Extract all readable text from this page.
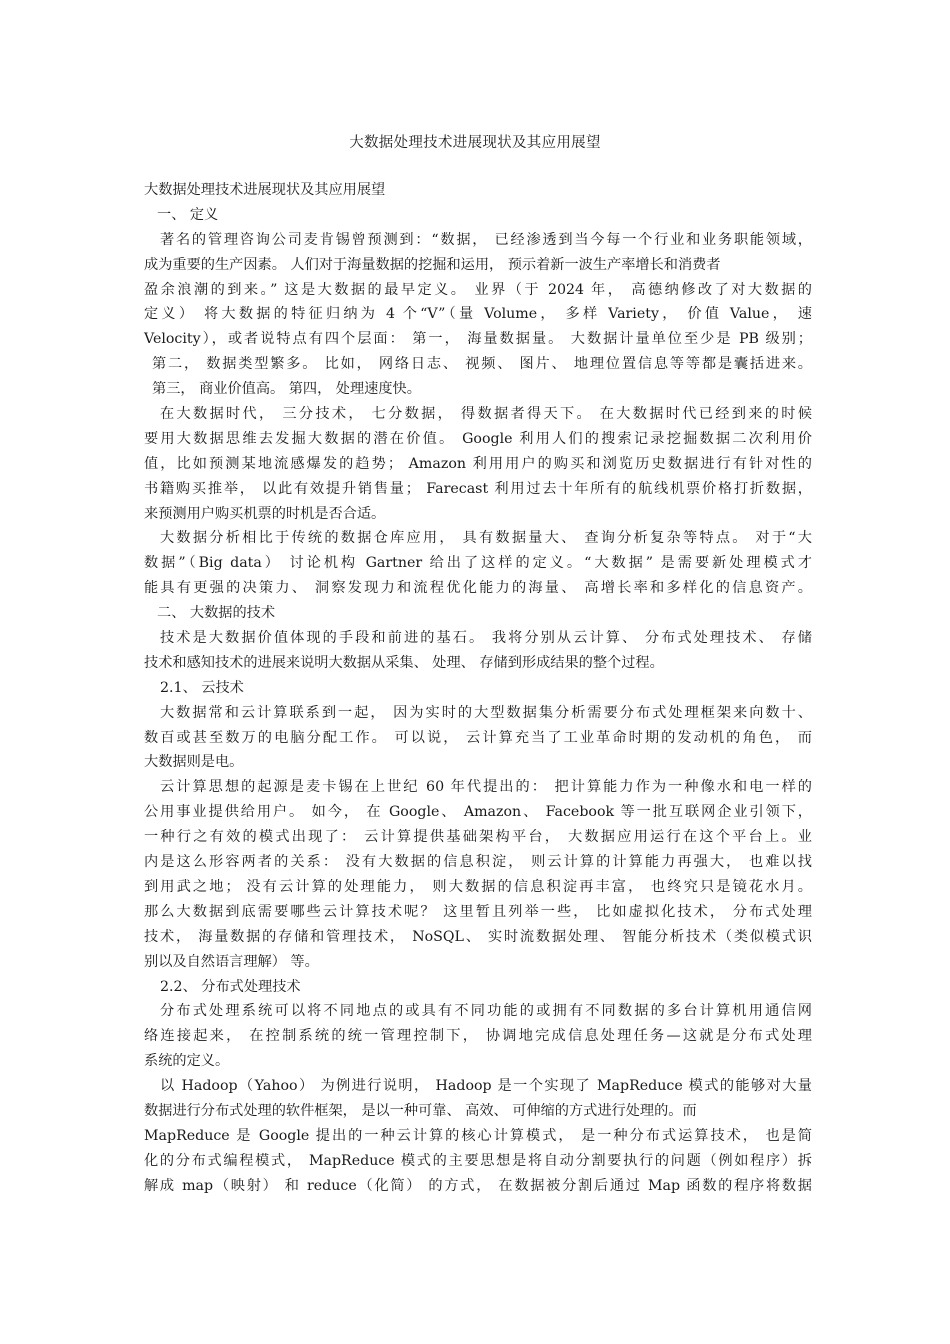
大数据处理技术进展现状及其应用展望
大数据处理技术进展现状及其应用展望
一、 定义
著名的管理咨询公司麦肯锡曾预测到：“数据， 已经渗透到当今每一个行业和业务职能领域，
成为重要的生产因素。 人们对于海量数据的挖掘和运用， 预示着新一波生产率增长和消费者
盈余浪潮的到来。” 这是大数据的最早定义。 业界（于 2024 年， 高德纳修改了对大数据的
定义） 将大数据的特征归纳为 4 个“V”（量 Volume， 多样 Variety， 价值 Value， 速
Velocity），或者说特点有四个层面： 第一， 海量数据量。 大数据计量单位至少是 PB 级别；
第二， 数据类型繁多。 比如， 网络日志、 视频、 图片、 地理位置信息等等都是囊括进来。
第三， 商业价值高。 第四， 处理速度快。
在大数据时代， 三分技术， 七分数据， 得数据者得天下。 在大数据时代已经到来的时候
要用大数据思维去发掘大数据的潜在价值。 Google 利用人们的搜索记录挖掘数据二次利用价
值，比如预测某地流感爆发的趋势； Amazon 利用用户的购买和浏览历史数据进行有针对性的
书籍购买推举， 以此有效提升销售量； Farecast 利用过去十年所有的航线机票价格打折数据，
来预测用户购买机票的时机是否合适。
大数据分析相比于传统的数据仓库应用， 具有数据量大、 查询分析复杂等特点。 对于“大
数据”（Big data） 讨论机构 Gartner 给出了这样的定义。“大数据” 是需要新处理模式才
能具有更强的决策力、 洞察发现力和流程优化能力的海量、 高增长率和多样化的信息资产。
二、 大数据的技术
技术是大数据价值体现的手段和前进的基石。 我将分别从云计算、 分布式处理技术、 存储
技术和感知技术的进展来说明大数据从采集、 处理、 存储到形成结果的整个过程。
2.1、 云技术
大数据常和云计算联系到一起， 因为实时的大型数据集分析需要分布式处理框架来向数十、
数百或甚至数万的电脑分配工作。 可以说， 云计算充当了工业革命时期的发动机的角色， 而
大数据则是电。
云计算思想的起源是麦卡锡在上世纪 60 年代提出的： 把计算能力作为一种像水和电一样的
公用事业提供给用户。 如今， 在 Google、 Amazon、 Facebook 等一批互联网企业引领下，
一种行之有效的模式出现了： 云计算提供基础架构平台， 大数据应用运行在这个平台上。业
内是这么形容两者的关系： 没有大数据的信息积淀， 则云计算的计算能力再强大， 也难以找
到用武之地； 没有云计算的处理能力， 则大数据的信息积淀再丰富， 也终究只是镜花水月。
那么大数据到底需要哪些云计算技术呢？ 这里暂且列举一些， 比如虚拟化技术， 分布式处理
技术， 海量数据的存储和管理技术， NoSQL、 实时流数据处理、 智能分析技术（类似模式识
别以及自然语言理解） 等。
2.2、 分布式处理技术
分布式处理系统可以将不同地点的或具有不同功能的或拥有不同数据的多台计算机用通信网
络连接起来， 在控制系统的统一管理控制下， 协调地完成信息处理任务—这就是分布式处理
系统的定义。
以 Hadoop（Yahoo） 为例进行说明， Hadoop 是一个实现了 MapReduce 模式的能够对大量
数据进行分布式处理的软件框架， 是以一种可靠、 高效、 可伸缩的方式进行处理的。而
MapReduce 是 Google 提出的一种云计算的核心计算模式， 是一种分布式运算技术， 也是简
化的分布式编程模式， MapReduce 模式的主要思想是将自动分割要执行的问题（例如程序）拆
解成 map（映射） 和 reduce（化简） 的方式， 在数据被分割后通过 Map 函数的程序将数据
